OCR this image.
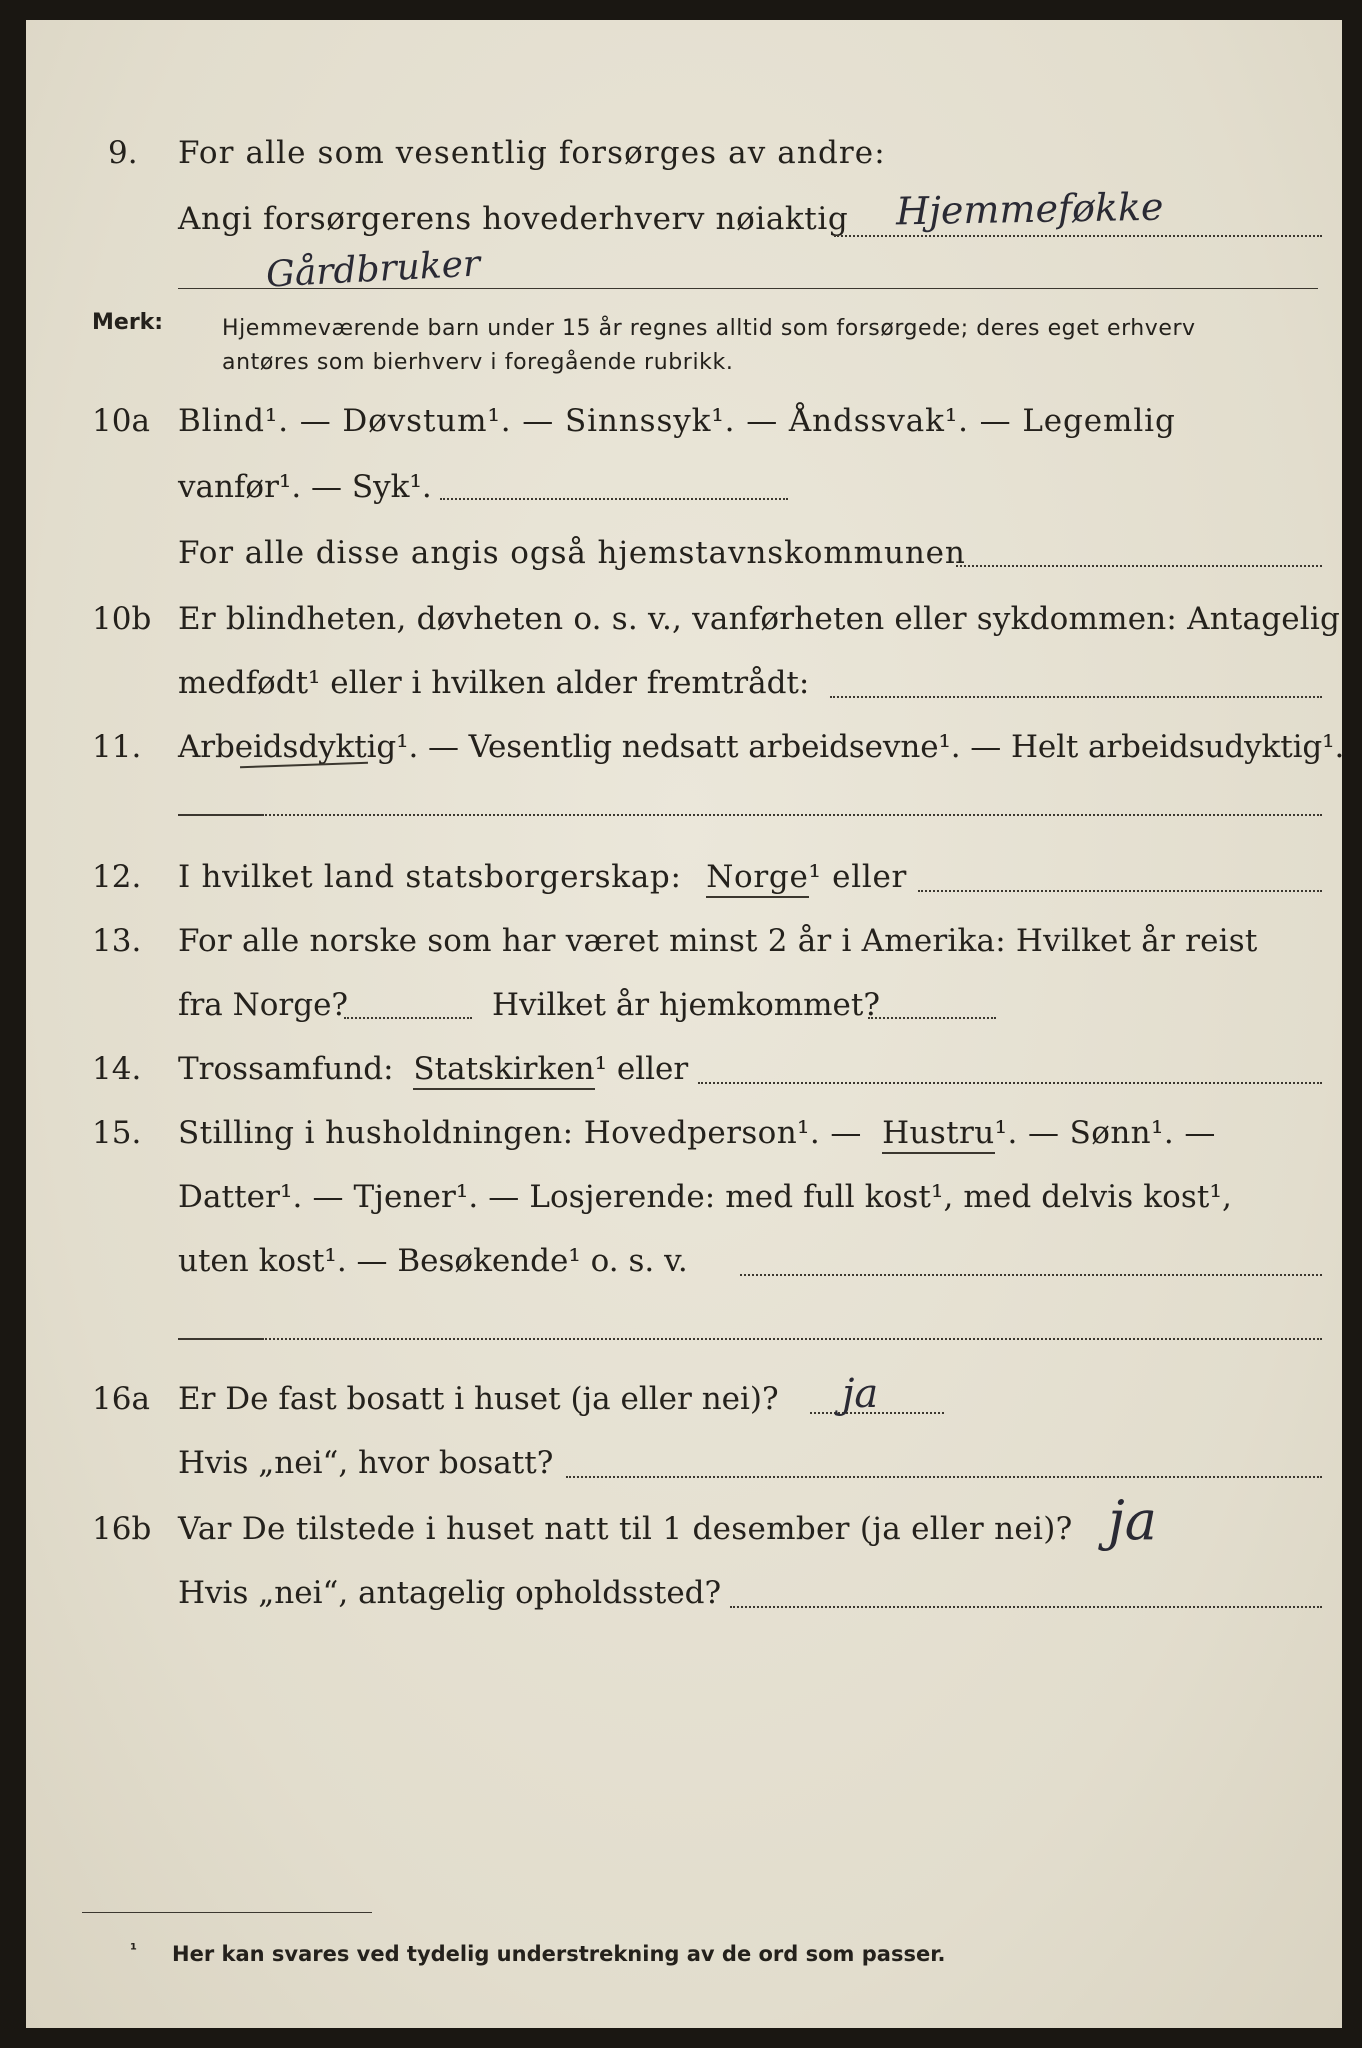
9. For alle som vesentlig forsørges av andre:
Angi forsørgerens hovederhverv nøiaktig Hjemmeføkke
Gårdbruker
Merk:	Hjemmeværende barn under 15 år regnes alltid som forsørgede; deres eget erhverv
antøres som bierhverv i foregående rubrikk.
10a Blind¹. — Døvstum¹. — Sinnssyk¹. — Åndssvak¹. — Legemlig
vanfør¹. — Syk¹.
For alle disse angis også hjemstavnskommunen
10b Er blindheten, døvheten o. s. v., vanførheten eller sykdommen: Antagelig
medfødt¹ eller i hvilken alder fremtrådt:
11. Arbeidsdyktig¹. — Vesentlig nedsatt arbeidsevne¹. — Helt arbeidsudyktig¹.
12. I hvilket land statsborgerskap: Norge¹ eller
13. For alle norske som har været minst 2 år i Amerika: Hvilket år reist
fra Norge?	Hvilket år hjemkommet?
14. Trossamfund: Statskirken¹ eller
15. Stilling i husholdningen: Hovedperson¹. — Hustru¹. — Sønn¹. —
Datter¹. — Tjener¹. — Losjerende: med full kost¹, med delvis kost¹,
uten kost¹. — Besøkende¹ o. s. v.
16a Er De fast bosatt i huset (ja eller nei)? ja
Hvis „nei“, hvor bosatt?
16b Var De tilstede i huset natt til 1 desember (ja eller nei)? ja
Hvis „nei“, antagelig opholdssted?
¹ Her kan svares ved tydelig understrekning av de ord som passer.
